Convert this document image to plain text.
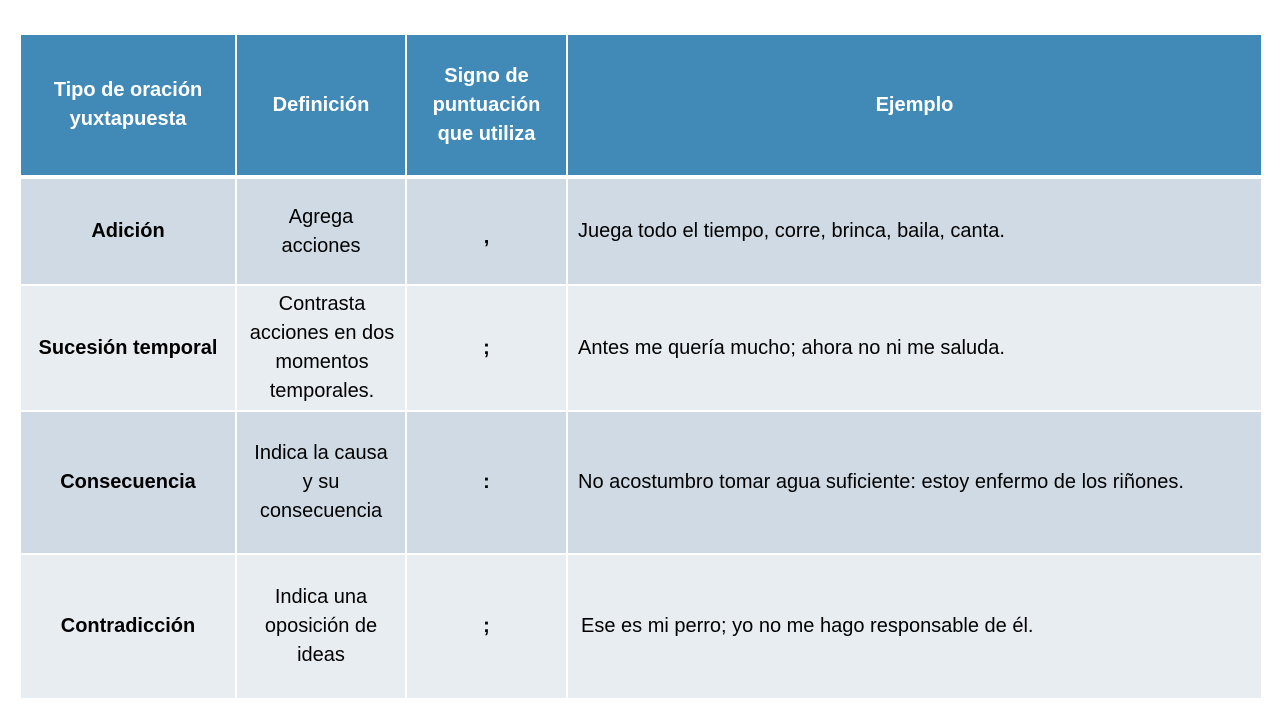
Tipo de oración yuxtapuesta	Definición	Signo de puntuación que utiliza	Ejemplo
Adición	Agrega acciones	,	Juega todo el tiempo, corre, brinca, baila, canta.
Sucesión temporal	Contrasta acciones en dos momentos temporales.	;	Antes me quería mucho; ahora no ni me saluda.
Consecuencia	Indica la causa y su consecuencia	:	No acostumbro tomar agua suficiente: estoy enfermo de los riñones.
Contradicción	Indica una oposición de ideas	;	Ese es mi perro; yo no me hago responsable de él.
